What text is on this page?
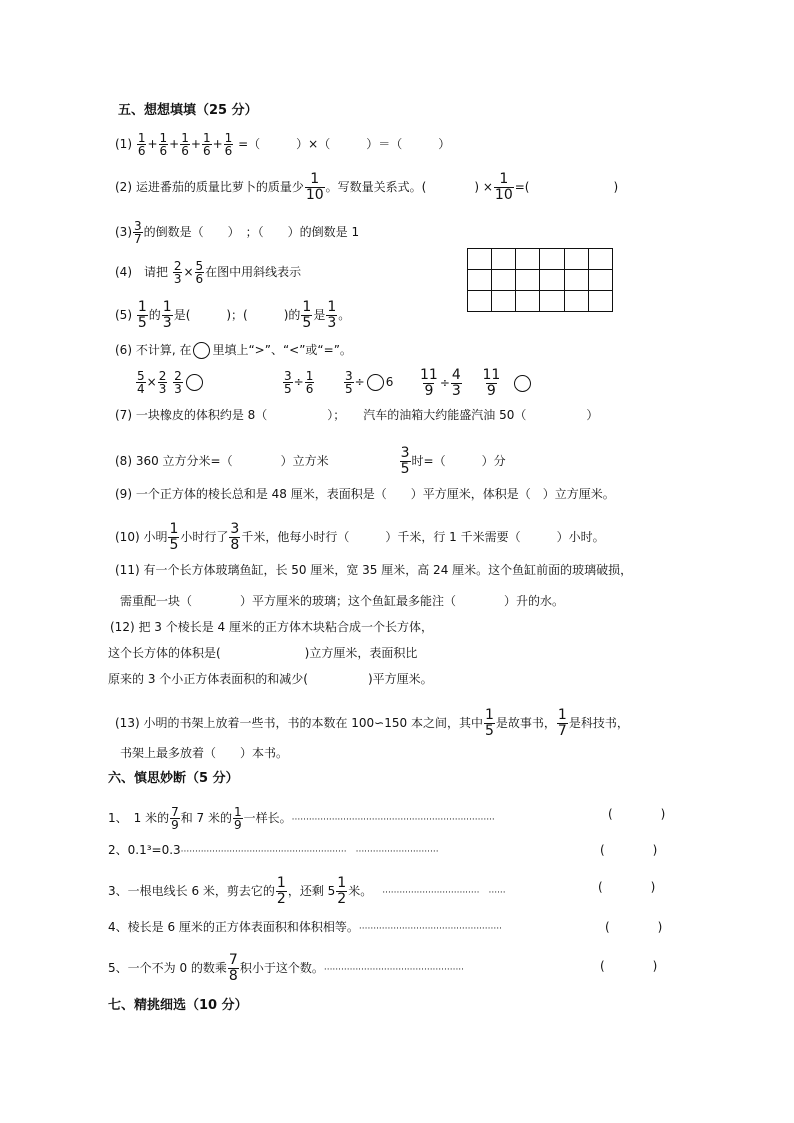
五、想想填填（25 分）
$(1) \frac{1}{6} + \frac{1}{6} + \frac{1}{6} + \frac{1}{6} + \frac{1}{6}$ =（　　　）×（　　　）＝（　　　）
(2) 运进番茄的质量比萝卜的质量少 $\frac{1}{10}$ 。写数量关系式。(　　　　) × $\frac{1}{10}$ =(　　　　　　　)
$(3) \frac{3}{7}$ 的倒数是（　　）　；（　　）的倒数是 1
(4)　请把 $\frac{2}{3} \times \frac{5}{6}$ 在图中用斜线表示

$(5) \frac{1}{5}$ 的 $\frac{1}{3}$ 是(　　　)；(　　　)的 $\frac{1}{5}$ 是 $\frac{1}{3}$ 。
(6) 不计算, 在 里填上“>”、“<”或“=”。
$\frac{5}{4} \times \frac{2}{3}$
$\frac{2}{3}$	$\frac{3}{5} \div \frac{1}{6} \frac{3}{5} \div 6 \frac{11}{9} \div \frac{4}{3}$
$\frac{11}{9}$

(7) 一块橡皮的体积约是 8（　　　　　）； 汽车的油箱大约能盛汽油 50（　　　　　）
(8) 360 立方分米=（　　　　）立方米	$\frac{3}{5}$ 时=（　　　）分
(9) 一个正方体的棱长总和是 48 厘米，表面积是（　　）平方厘米，体积是（　）立方厘米。
(10) 小明 $\frac{1}{5}$ 小时行了 $\frac{3}{8}$ 千米，他每小时行（　　　）千米，行 1 千米需要（　　　）小时。
(11) 有一个长方体玻璃鱼缸，长 50 厘米，宽 35 厘米，高 24 厘米。这个鱼缸前面的玻璃破损，
需重配一块（　　　　）平方厘米的玻璃；这个鱼缸最多能注（　　　　）升的水。
(12) 把 3 个棱长是 4 厘米的正方体木块粘合成一个长方体，
这个长方体的体积是(　　　　　　　)立方厘米，表面积比
原来的 3 个小正方体表面积的和减少(　　　　　)平方厘米。
(13) 小明的书架上放着一些书，书的本数在 100∽150 本之间，其中 $\frac{1}{5}$ 是故事书， $\frac{1}{7}$ 是科技书，
书架上最多放着（　　）本书。
六、慎思妙断（5 分）
1、　1 米的 $\frac{7}{9}$ 和 7 米的 $\frac{1}{9}$ 一样长。·······································································	(　　　　)
2、0.1³=0.3··························································　·····························	(　　　　)
3、一根电线长 6 米，剪去它的 $\frac{1}{2}$ ，还剩 $5 \frac{1}{2}$ 米。 ··································　······	(　　　　)
4、棱长是 6 厘米的正方体表面积和体积相等。··················································	(　　　　)
5、一个不为 0 的数乘 $\frac{7}{8}$ 积小于这个数。·················································	(　　　　)
七、精挑细选（10 分）
